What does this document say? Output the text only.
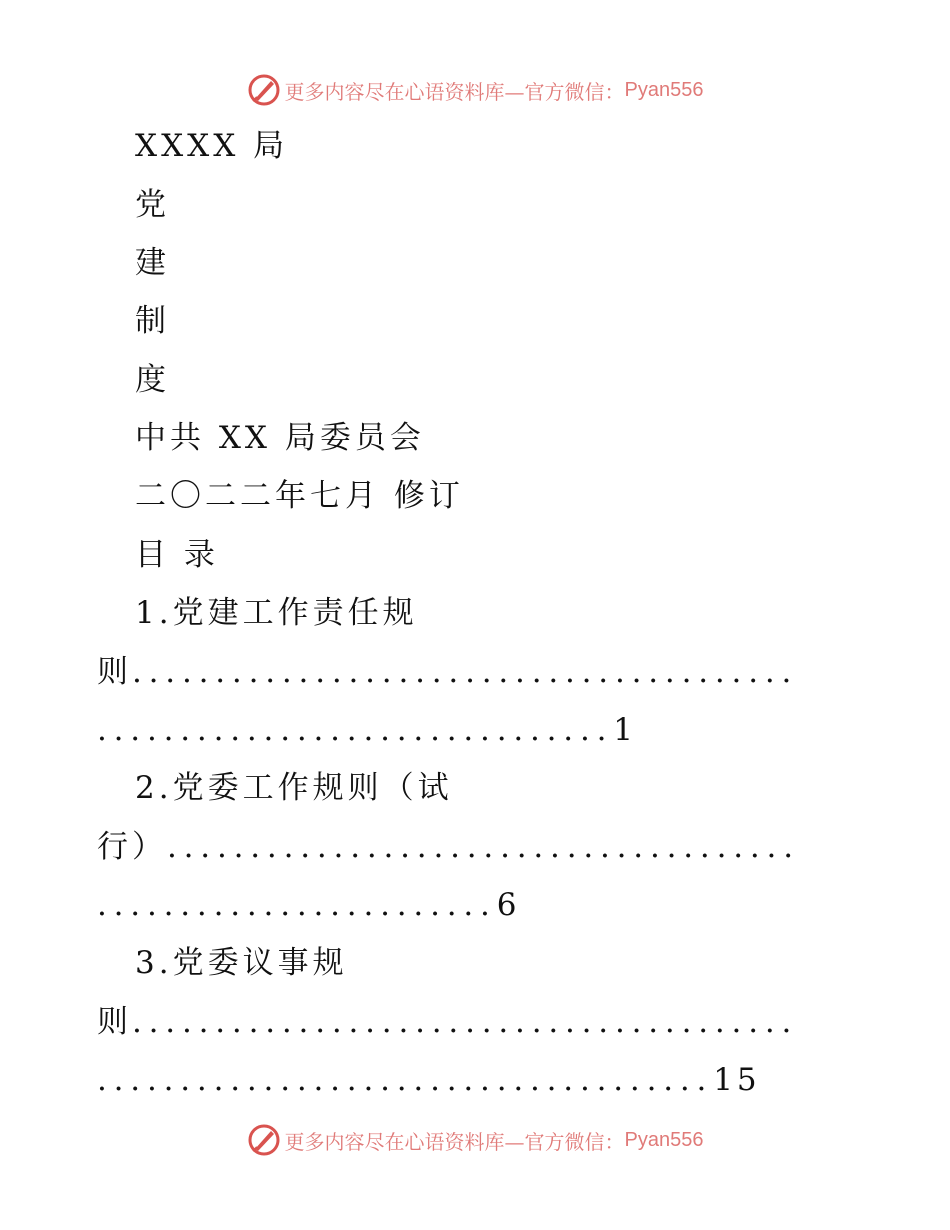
更多内容尽在心语资料库—官方微信： Pyan556
XXXX 局
党
建
制
度
中共 XX 局委员会
二〇二二年七月 修订
目 录
1.党建工作责任规
则........................................
...............................1
2.党委工作规则（试
行）......................................
........................6
3.党委议事规
则........................................
.....................................15
更多内容尽在心语资料库—官方微信： Pyan556
